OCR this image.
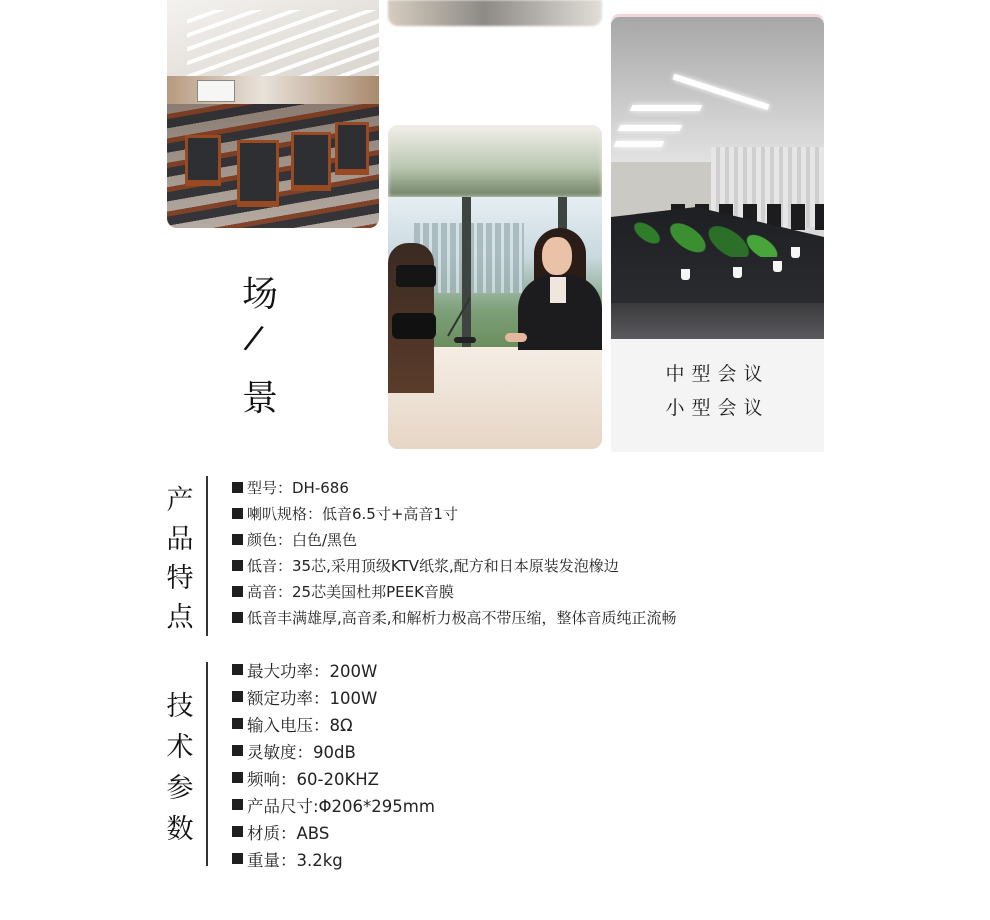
中型会议
小型会议
场
/
景
产
品
特
点
型号：DH-686
喇叭规格：低音6.5寸+高音1寸
颜色：白色/黑色
低音：35芯,采用顶级KTV纸浆,配方和日本原装发泡橡边
高音：25芯美国杜邦PEEK音膜
低音丰满雄厚,高音柔,和解析力极高不带压缩，整体音质纯正流畅
技
术
参
数
最大功率：200W
额定功率：100W
输入电压：8Ω
灵敏度：90dB
频响：60-20KHZ
产品尺寸:Φ206*295mm
材质：ABS
重量：3.2kg
